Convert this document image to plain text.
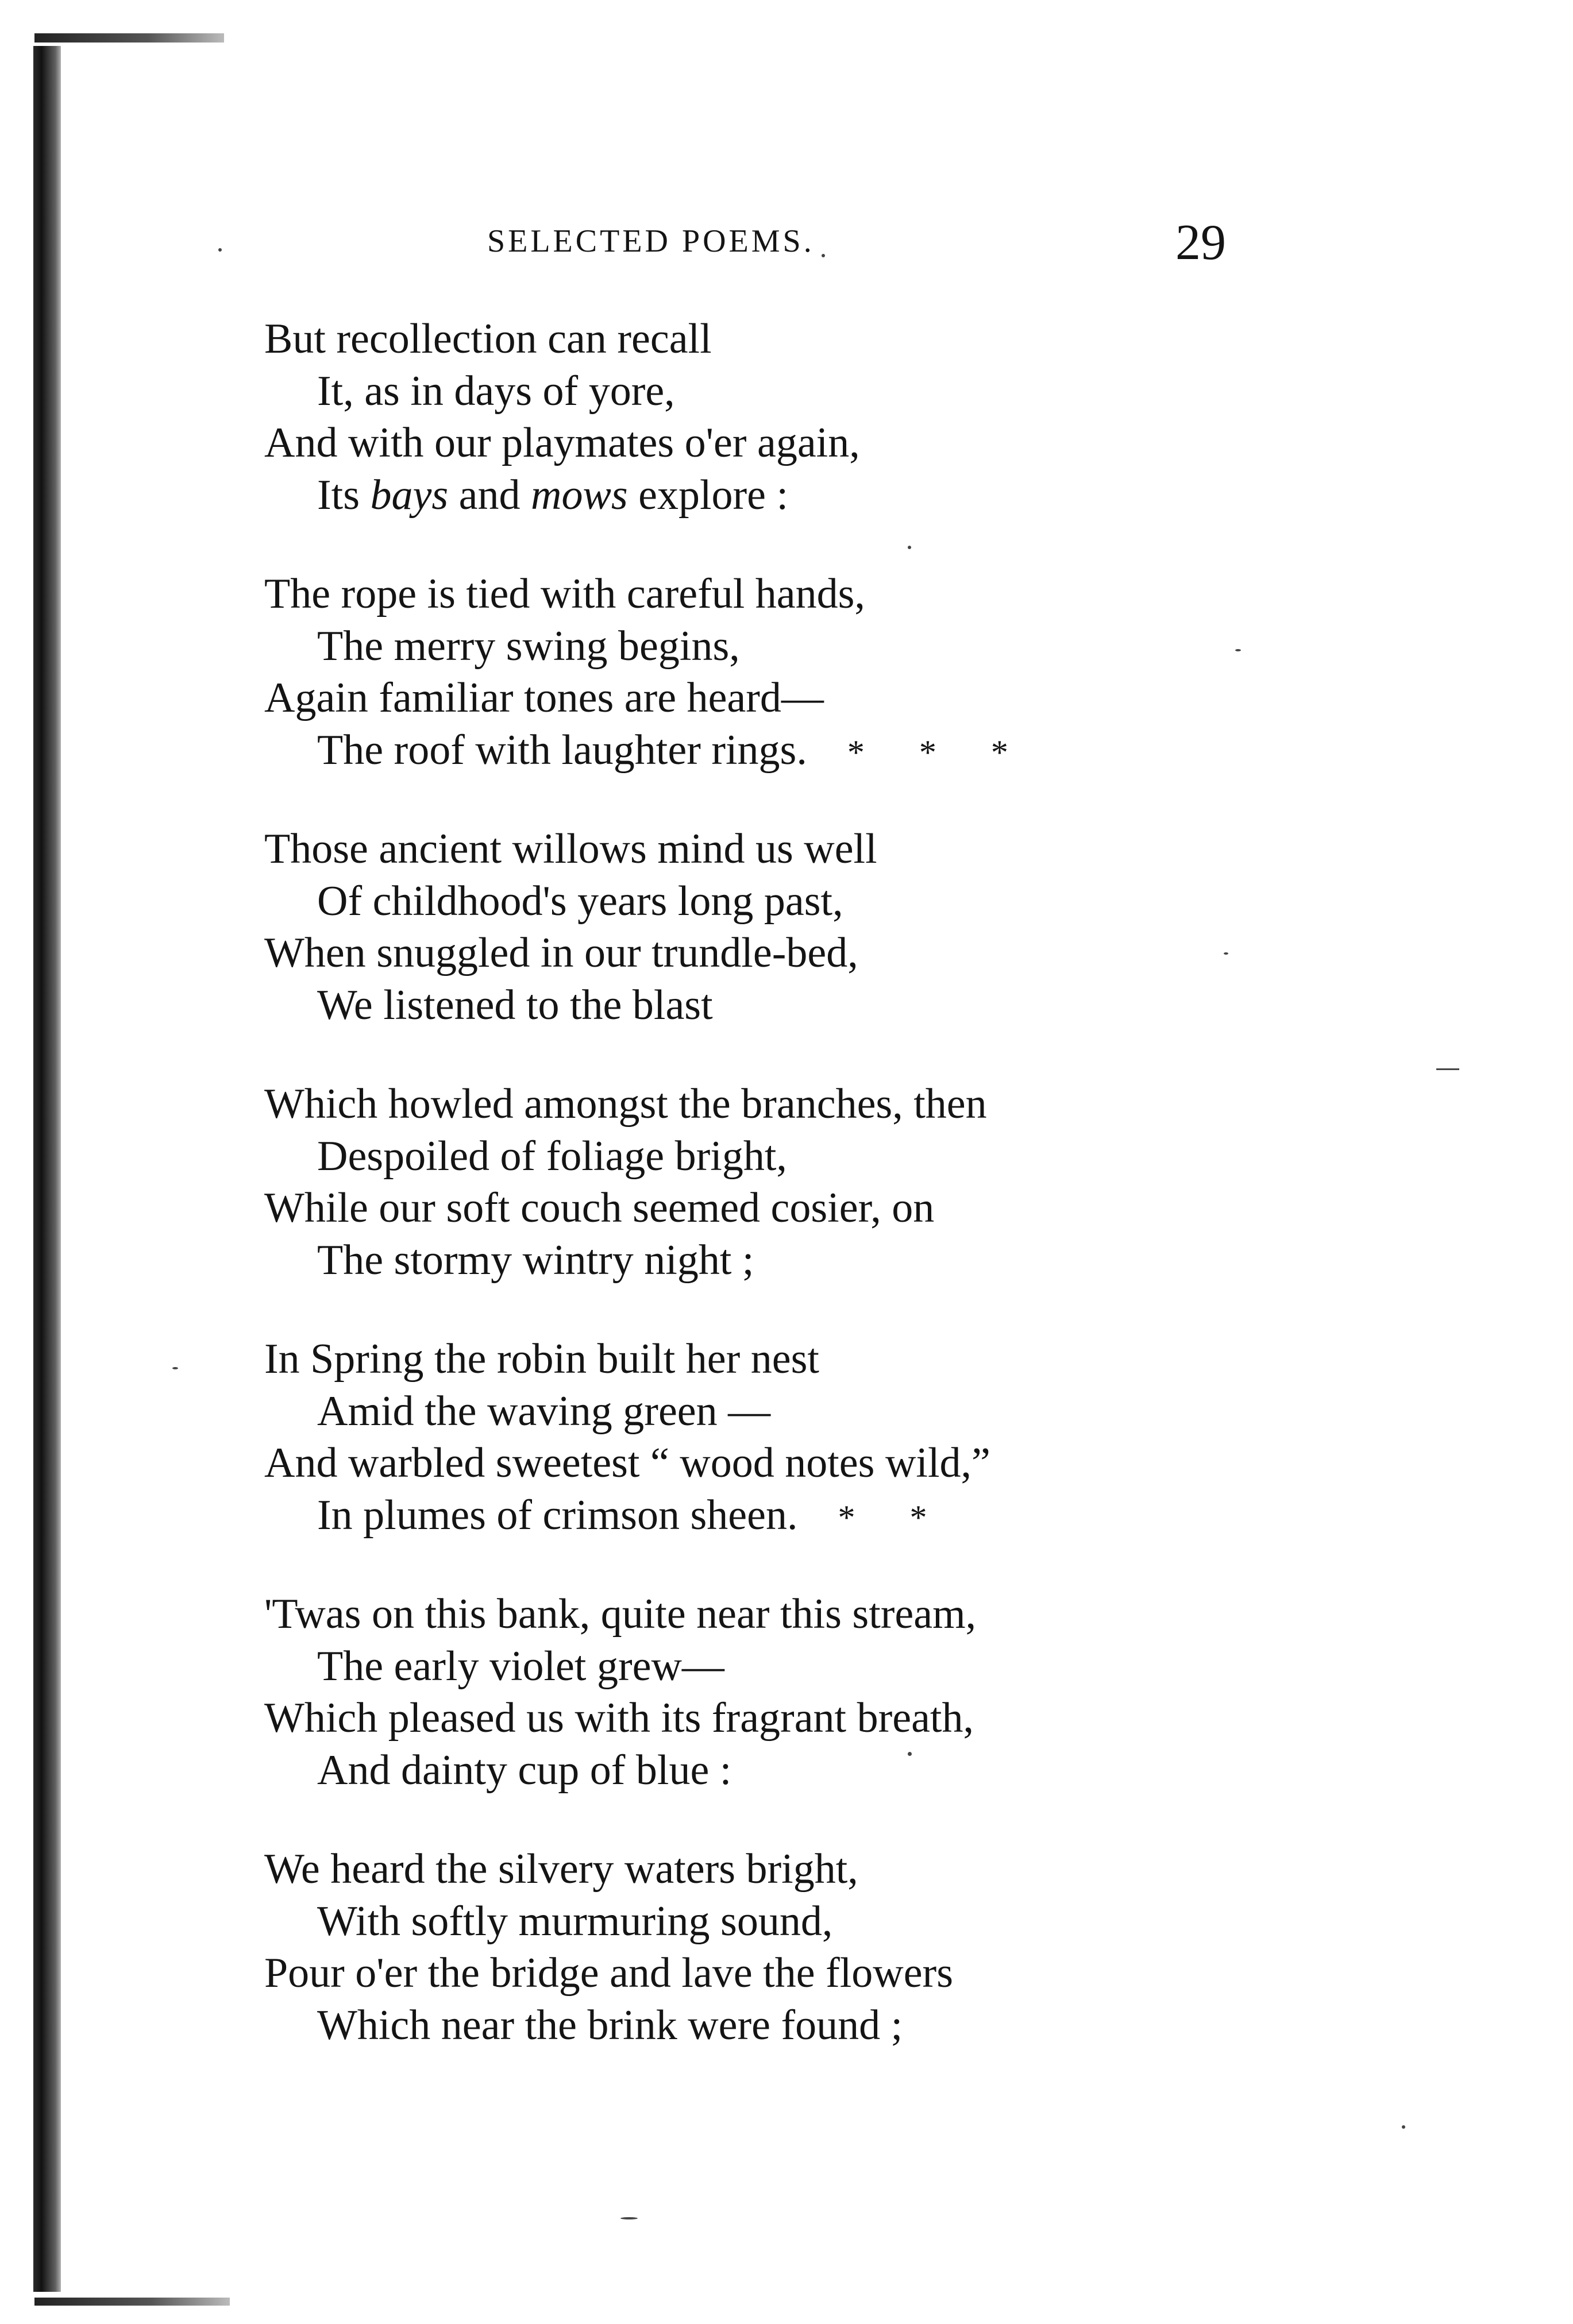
SELECTED POEMS.	29
But recollection can recall
It, as in days of yore,
And with our playmates o'er again,
Its bays and mows explore :
The rope is tied with careful hands,
The merry swing begins,
Again familiar tones are heard—
The roof with laughter rings. * * *
Those ancient willows mind us well
Of childhood's years long past,
When snuggled in our trundle-bed,
We listened to the blast
Which howled amongst the branches, then
Despoiled of foliage bright,
While our soft couch seemed cosier, on
The stormy wintry night ;
In Spring the robin built her nest
Amid the waving green —
And warbled sweetest “ wood notes wild,”
In plumes of crimson sheen. * *
'Twas on this bank, quite near this stream,
The early violet grew—
Which pleased us with its fragrant breath,
And dainty cup of blue :
We heard the silvery waters bright,
With softly murmuring sound,
Pour o'er the bridge and lave the flowers
Which near the brink were found ;
